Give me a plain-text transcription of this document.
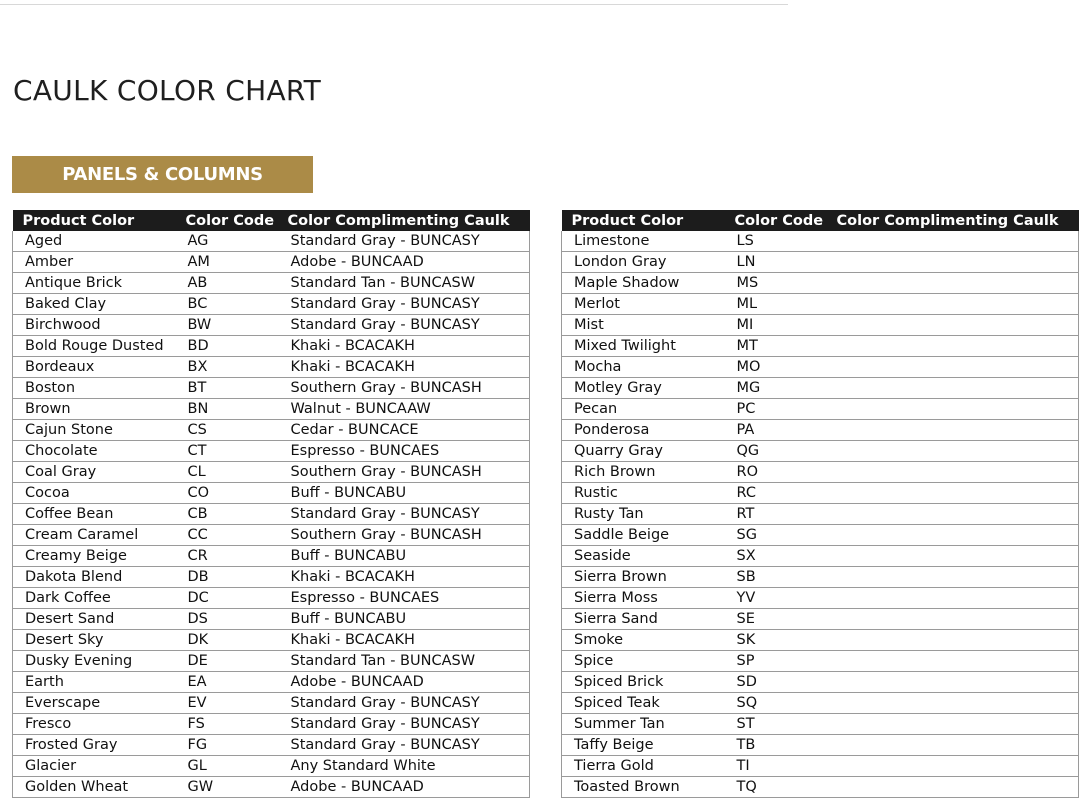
CAULK COLOR CHART
PANELS & COLUMNS
Product Color	Color Code	Color Complimenting Caulk
Aged	AG	Standard Gray - BUNCASY
Amber	AM	Adobe - BUNCAAD
Antique Brick	AB	Standard Tan - BUNCASW
Baked Clay	BC	Standard Gray - BUNCASY
Birchwood	BW	Standard Gray - BUNCASY
Bold Rouge Dusted	BD	Khaki - BCACAKH
Bordeaux	BX	Khaki - BCACAKH
Boston	BT	Southern Gray - BUNCASH
Brown	BN	Walnut - BUNCAAW
Cajun Stone	CS	Cedar - BUNCACE
Chocolate	CT	Espresso - BUNCAES
Coal Gray	CL	Southern Gray - BUNCASH
Cocoa	CO	Buff - BUNCABU
Coffee Bean	CB	Standard Gray - BUNCASY
Cream Caramel	CC	Southern Gray - BUNCASH
Creamy Beige	CR	Buff - BUNCABU
Dakota Blend	DB	Khaki - BCACAKH
Dark Coffee	DC	Espresso - BUNCAES
Desert Sand	DS	Buff - BUNCABU
Desert Sky	DK	Khaki - BCACAKH
Dusky Evening	DE	Standard Tan - BUNCASW
Earth	EA	Adobe - BUNCAAD
Everscape	EV	Standard Gray - BUNCASY
Fresco	FS	Standard Gray - BUNCASY
Frosted Gray	FG	Standard Gray - BUNCASY
Glacier	GL	Any Standard White
Golden Wheat	GW	Adobe - BUNCAAD
Product Color	Color Code	Color Complimenting Caulk
Limestone	LS	
London Gray	LN	
Maple Shadow	MS	
Merlot	ML	
Mist	MI	
Mixed Twilight	MT	
Mocha	MO	
Motley Gray	MG	
Pecan	PC	
Ponderosa	PA	
Quarry Gray	QG	
Rich Brown	RO	
Rustic	RC	
Rusty Tan	RT	
Saddle Beige	SG	
Seaside	SX	
Sierra Brown	SB	
Sierra Moss	YV	
Sierra Sand	SE	
Smoke	SK	
Spice	SP	
Spiced Brick	SD	
Spiced Teak	SQ	
Summer Tan	ST	
Taffy Beige	TB	
Tierra Gold	TI	
Toasted Brown	TQ	
